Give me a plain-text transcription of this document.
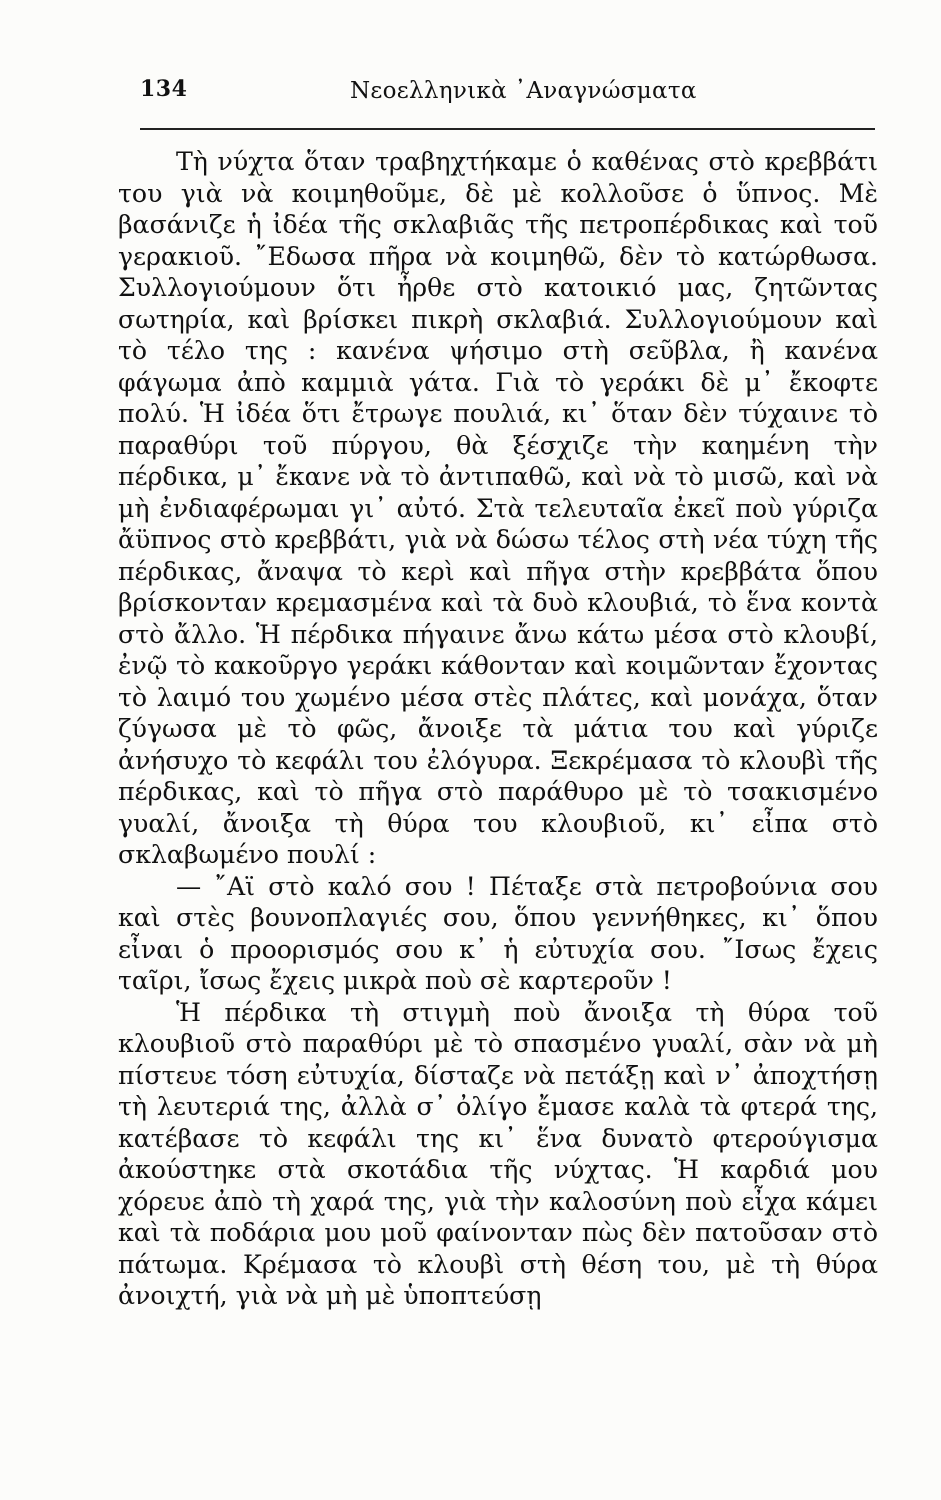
134	Νεοελληνικὰ ᾿Αναγνώσματα

Τὴ νύχτα ὅταν τραβηχτήκαμε ὁ καθένας στὸ κρεββάτι του γιὰ νὰ κοιμηθοῦμε, δὲ μὲ κολλοῦσε ὁ ὕπνος. Μὲ βασάνιζε ἡ ἰδέα τῆς σκλαβιᾶς τῆς πετροπέρδικας καὶ τοῦ γερακιοῦ. ῎Εδωσα πῆρα νὰ κοιμηθῶ, δὲν τὸ κατώρθωσα. Συλλογιούμουν ὅτι ἦρθε στὸ κατοικιό μας, ζητῶντας σωτηρία, καὶ βρίσκει πικρὴ σκλαβιά. Συλλογιούμουν καὶ τὸ τέλο της : κανένα ψήσιμο στὴ σεῦβλα, ἢ κανένα φάγωμα ἀπὸ καμμιὰ γάτα. Γιὰ τὸ γεράκι δὲ μ᾿ ἔκοφτε πολύ. Ἡ ἰδέα ὅτι ἔτρωγε πουλιά, κι᾿ ὅταν δὲν τύχαινε τὸ παραθύρι τοῦ πύργου, θὰ ξέσχιζε τὴν καημένη τὴν πέρδικα, μ᾿ ἔκανε νὰ τὸ ἀντιπαθῶ, καὶ νὰ τὸ μισῶ, καὶ νὰ μὴ ἐνδιαφέρωμαι γι᾿ αὐτό. Στὰ τελευταῖα ἐκεῖ ποὺ γύριζα ἄϋπνος στὸ κρεββάτι, γιὰ νὰ δώσω τέλος στὴ νέα τύχη τῆς πέρδικας, ἄναψα τὸ κερὶ καὶ πῆγα στὴν κρεββάτα ὅπου βρίσκονταν κρεμασμένα καὶ τὰ δυὸ κλουβιά, τὸ ἕνα κοντὰ στὸ ἄλλο. Ἡ πέρδικα πήγαινε ἄνω κάτω μέσα στὸ κλουβί, ἐνῷ τὸ κακοῦργο γεράκι κάθονταν καὶ κοιμῶνταν ἔχοντας τὸ λαιμό του χωμένο μέσα στὲς πλάτες, καὶ μονάχα, ὅταν ζύγωσα μὲ τὸ φῶς, ἄνοιξε τὰ μάτια του καὶ γύριζε ἀνήσυχο τὸ κεφάλι του ἐλόγυρα. Ξεκρέμασα τὸ κλουβὶ τῆς πέρδικας, καὶ τὸ πῆγα στὸ παράθυρο μὲ τὸ τσακισμένο γυαλί, ἄνοιξα τὴ θύρα του κλουβιοῦ, κι᾿ εἶπα στὸ σκλαβωμένο πουλί :

— ῎Αϊ στὸ καλό σου ! Πέταξε στὰ πετροβούνια σου καὶ στὲς βουνοπλαγιές σου, ὅπου γεννήθηκες, κι᾿ ὅπου εἶναι ὁ προορισμός σου κ᾿ ἡ εὐτυχία σου. ῎Ισως ἔχεις ταῖρι, ἴσως ἔχεις μικρὰ ποὺ σὲ καρτεροῦν !

Ἡ πέρδικα τὴ στιγμὴ ποὺ ἄνοιξα τὴ θύρα τοῦ κλουβιοῦ στὸ παραθύρι μὲ τὸ σπασμένο γυαλί, σὰν νὰ μὴ πίστευε τόση εὐτυχία, δίσταζε νὰ πετάξῃ καὶ ν᾿ ἀποχτήσῃ τὴ λευτεριά της, ἀλλὰ σ᾿ ὀλίγο ἔμασε καλὰ τὰ φτερά της, κατέβασε τὸ κεφάλι της κι᾿ ἕνα δυνατὸ φτερούγισμα ἀκούστηκε στὰ σκοτάδια τῆς νύχτας. Ἡ καρδιά μου χόρευε ἀπὸ τὴ χαρά της, γιὰ τὴν καλοσύνη ποὺ εἶχα κάμει καὶ τὰ ποδάρια μου μοῦ φαίνονταν πὼς δὲν πατοῦσαν στὸ πάτωμα. Κρέμασα τὸ κλουβὶ στὴ θέση του, μὲ τὴ θύρα ἀνοιχτή, γιὰ νὰ μὴ μὲ ὑποπτεύσῃ
